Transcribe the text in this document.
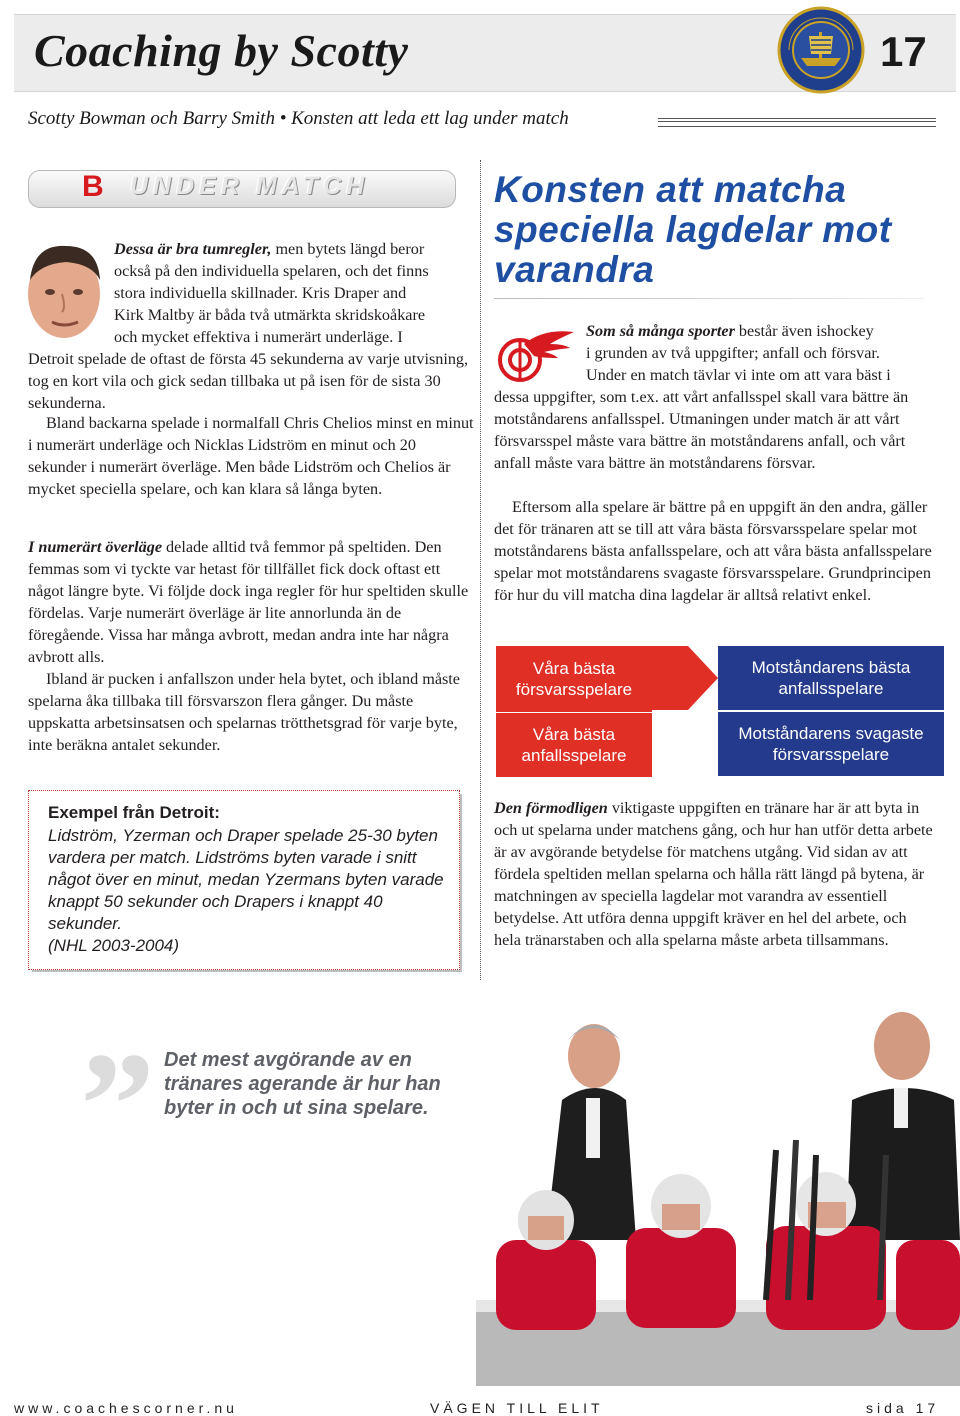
Coaching by Scotty	17
Scotty Bowman och Barry Smith • Konsten att leda ett lag under match
B UNDER MATCH

Dessa är bra tumregler, men bytets längd beror

också på den individuella spelaren, och det finns

stora individuella skillnader. Kris Draper and

Kirk Maltby är båda två utmärkta skridskoåkare

och mycket effektiva i numerärt underläge. I

Detroit spelade de oftast de första 45 sekunderna av varje utvisning, tog en kort vila och gick sedan tillbaka ut på isen för de sista 30 sekunderna.

Bland backarna spelade i normalfall Chris Chelios minst en minut i numerärt underläge och Nicklas Lidström en minut och 20 sekunder i numerärt överläge. Men både Lidström och Chelios är mycket speciella spelare, och kan klara så långa byten.

I numerärt överläge delade alltid två femmor på speltiden. Den femmas som vi tyckte var hetast för tillfället fick dock oftast ett något längre byte. Vi följde dock inga regler för hur speltiden skulle fördelas. Varje numerärt överläge är lite annorlunda än de föregående. Vissa har många avbrott, medan andra inte har några avbrott alls.

Ibland är pucken i anfallszon under hela bytet, och ibland måste spelarna åka tillbaka till försvarszon flera gånger. Du måste uppskatta arbetsinsatsen och spelarnas trötthetsgrad för varje byte, inte beräkna antalet sekunder.

Exempel från Detroit:
Lidström, Yzerman och Draper spelade 25-30 byten vardera per match. Lidströms byten varade i snitt något över en minut, medan Yzermans byten varade knappt 50 sekunder och Drapers i knappt 40 sekunder.
(NHL 2003-2004)
” Det mest avgörande av en tränares agerande är hur han byter in och ut sina spelare.
Konsten att matcha speciella lagdelar mot varandra

Som så många sporter består även ishockey

i grunden av två uppgifter; anfall och försvar.

Under en match tävlar vi inte om att vara bäst i

dessa uppgifter, som t.ex. att vårt anfallsspel skall vara bättre än motståndarens anfallsspel. Utmaningen under match är att vårt försvarsspel måste vara bättre än motståndarens anfall, och vårt anfall måste vara bättre än motståndarens försvar.

Eftersom alla spelare är bättre på en uppgift än den andra, gäller det för tränaren att se till att våra bästa försvarsspelare spelar mot motståndarens bästa anfallsspelare, och att våra bästa anfallsspelare spelar mot motståndarens svagaste försvarsspelare. Grundprincipen för hur du vill matcha dina lagdelar är alltså relativt enkel.

Våra bästa försvarsspelare
Våra bästa anfallsspelare
Motståndarens bästa anfallsspelare
Motståndarens svagaste försvarsspelare

Den förmodligen viktigaste uppgiften en tränare har är att byta in och ut spelarna under matchens gång, och hur han utför detta arbete är av avgörande betydelse för matchens utgång. Vid sidan av att fördela speltiden mellan spelarna och hålla rätt längd på bytena, är matchningen av speciella lagdelar mot varandra av essentiell betydelse. Att utföra denna uppgift kräver en hel del arbete, och hela tränarstaben och alla spelarna måste arbeta tillsammans.

www.coachescorner.nu	VÄGEN TILL ELIT	sida 17
